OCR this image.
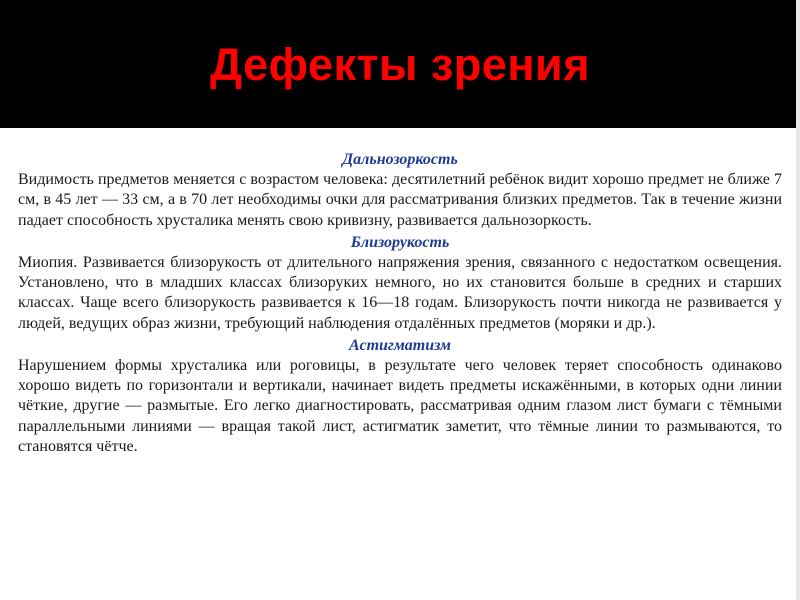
Дефекты зрения

Дальнозоркость

Видимость предметов меняется с возрастом человека: десятилетний ребёнок видит хорошо предмет не ближе 7 см, в 45 лет — 33 см, а в 70 лет необходимы очки для рассматривания близких предметов. Так в течение жизни падает способность хрусталика менять свою кривизну, развивается дальнозоркость.

Близорукость

Миопия. Развивается близорукость от длительного напряжения зрения, связанного с недостатком освещения. Установлено, что в младших классах близоруких немного, но их становится больше в средних и старших классах. Чаще всего близорукость развивается к 16—18 годам. Близорукость почти никогда не развивается у людей, ведущих образ жизни, требующий наблюдения отдалённых предметов (моряки и др.).

Астигматизм

Нарушением формы хрусталика или роговицы, в результате чего человек теряет способность одинаково хорошо видеть по горизонтали и вертикали, начинает видеть предметы искажёнными, в которых одни линии чёткие, другие — размытые. Его легко диагностировать, рассматривая одним глазом лист бумаги с тёмными параллельными линиями — вращая такой лист, астигматик заметит, что тёмные линии то размываются, то становятся чётче.
